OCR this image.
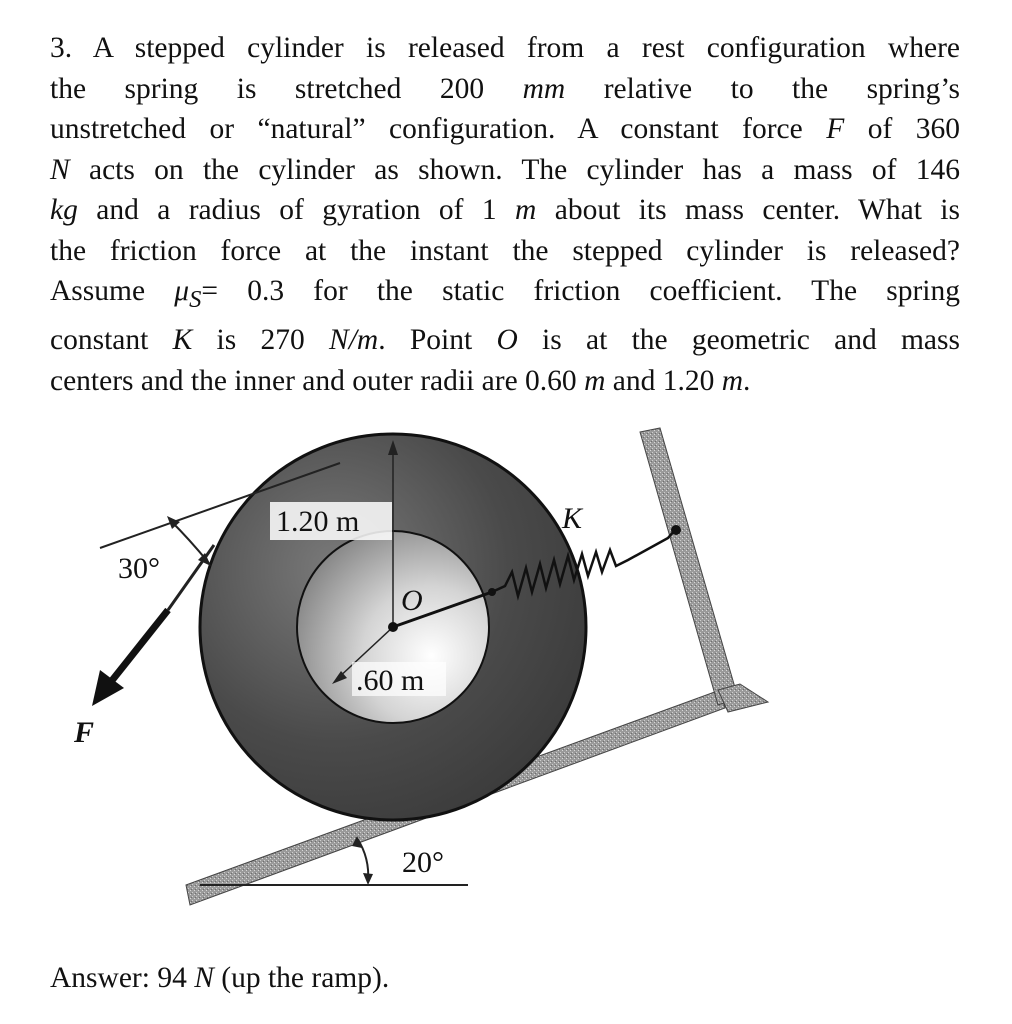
3. A stepped cylinder is released from a rest configuration where
the spring is stretched 200 mm relative to the spring’s
unstretched or “natural” configuration. A constant force F of 360
N acts on the cylinder as shown. The cylinder has a mass of 146
kg and a radius of gyration of 1 m about its mass center. What is
the friction force at the instant the stepped cylinder is released?
Assume $\mu_S= 0.3$ for the static friction coefficient. The spring
constant K is 270 N/m. Point O is at the geometric and mass
centers and the inner and outer radii are 0.60 m and 1.20 m.
20°
1.20 m
.60 m
O
K
F
30°
Answer: 94 N (up the ramp).
